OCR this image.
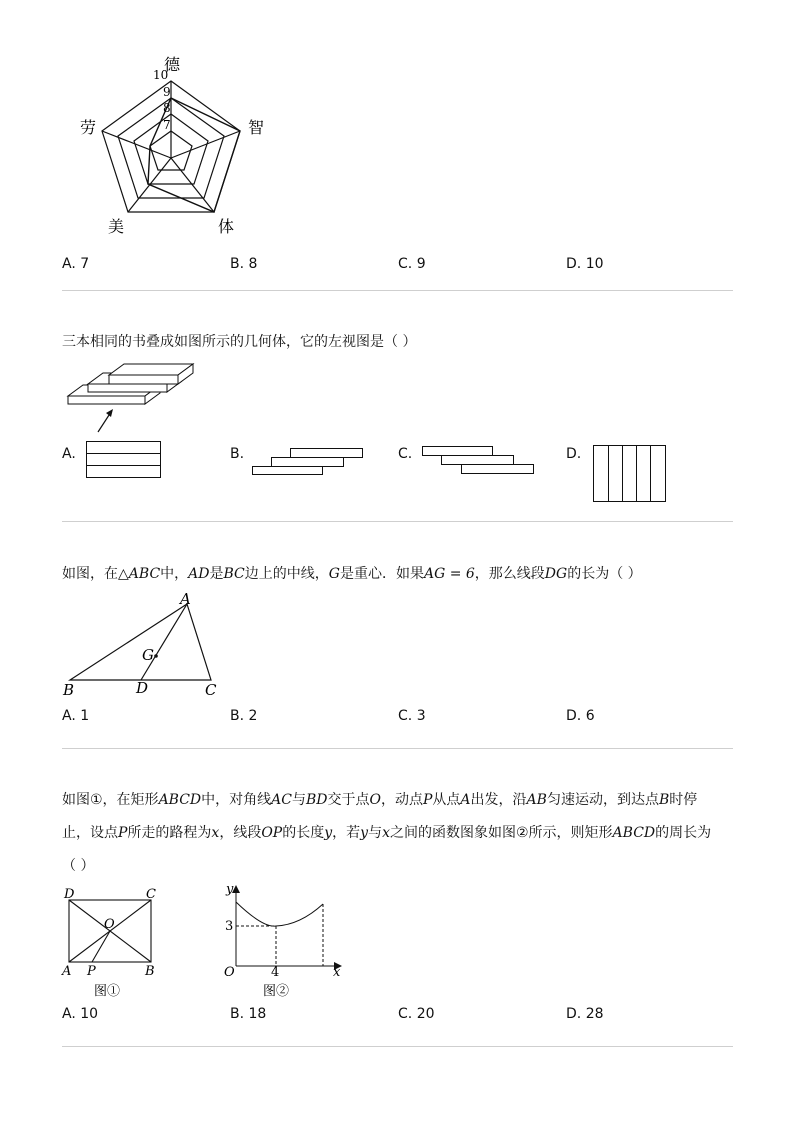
德
智
体
美
劳
10
9
8
7
A. 7	B. 8	C. 9	D. 10
三本相同的书叠成如图所示的几何体，它的左视图是（ ）
A.	B.	C.	D.
如图，在△ABC中，AD是BC边上的中线，G是重心．如果AG = 6，那么线段DG的长为（ ）
A
B	C
D
G
A. 1	B. 2	C. 3	D. 6
如图①，在矩形ABCD中，对角线AC与BD交于点O，动点P从点A出发，沿AB匀速运动，到达点B时停
止，设点P所走的路程为x，线段OP的长度y，若y与x之间的函数图象如图②所示，则矩形ABCD的周长为
（ ）
D	C
O
A P	B
图①
y
x
O
3
4
图②
A. 10	B. 18	C. 20	D. 28
